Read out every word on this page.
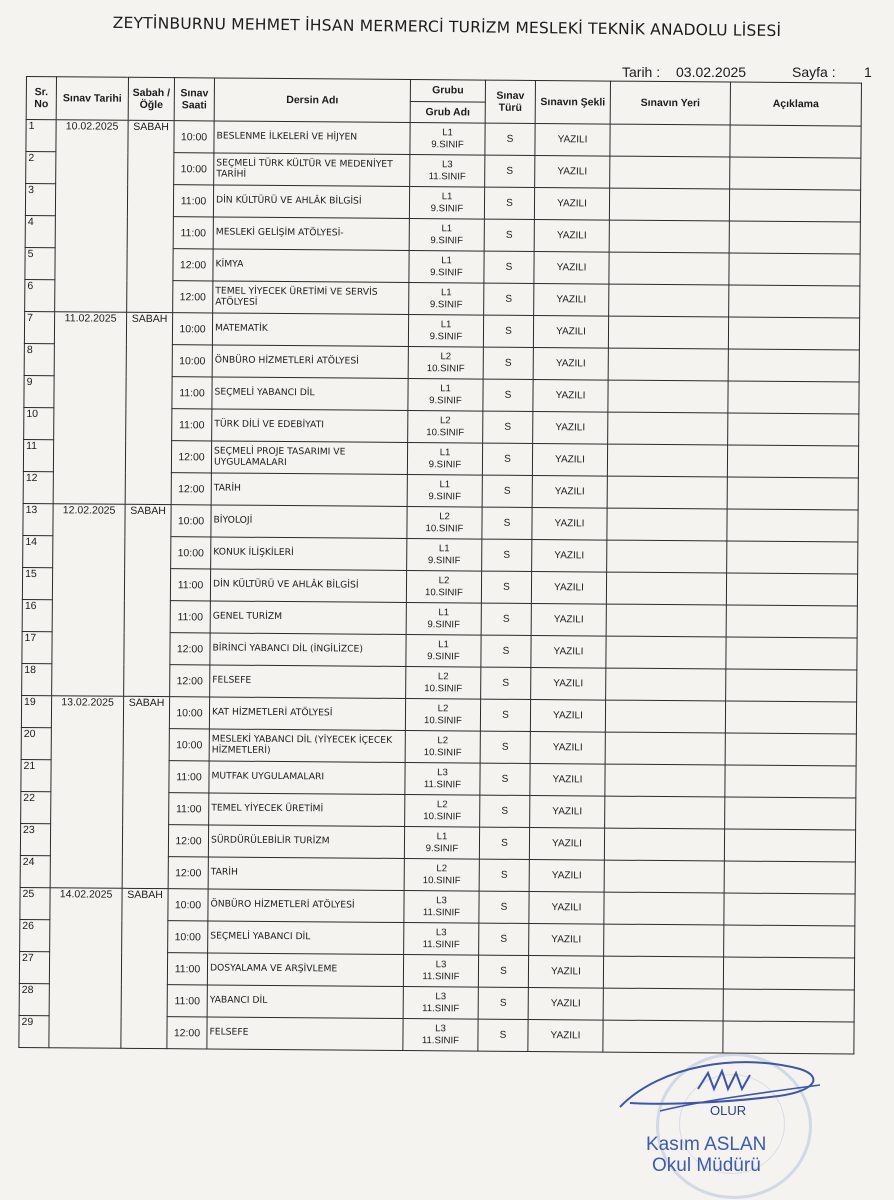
ZEYTİNBURNU MEHMET İHSAN MERMERCİ TURİZM MESLEKİ TEKNİK ANADOLU LİSESİ
Tarih : 03.02.2025	Sayfa : 1
Sr. No	Sınav Tarihi	Sabah / Öğle	Sınav Saati	Dersin Adı	Grubu	Sınav Türü	Sınavın Şekli	Sınavın Yeri	Açıklama
					Grub Adı				
1	10.02.2025	SABAH	10:00	BESLENME İLKELERİ VE HİJYEN	L1
9.SINIF	S	YAZILI		
2			10:00	SEÇMELİ TÜRK KÜLTÜR VE MEDENİYET TARİHİ	L3
11.SINIF	S	YAZILI		
3			11:00	DİN KÜLTÜRÜ VE AHLÂK BİLGİSİ	L1
9.SINIF	S	YAZILI		
4			11:00	MESLEKİ GELİŞİM ATÖLYESİ-	L1
9.SINIF	S	YAZILI		
5			12:00	KİMYA	L1
9.SINIF	S	YAZILI		
6			12:00	TEMEL YİYECEK ÜRETİMİ VE SERVİS ATÖLYESİ	L1
9.SINIF	S	YAZILI		
7	11.02.2025	SABAH	10:00	MATEMATİK	L1
9.SINIF	S	YAZILI		
8			10:00	ÖNBÜRO HİZMETLERİ ATÖLYESİ	L2
10.SINIF	S	YAZILI		
9			11:00	SEÇMELİ YABANCI DİL	L1
9.SINIF	S	YAZILI		
10			11:00	TÜRK DİLİ VE EDEBİYATI	L2
10.SINIF	S	YAZILI		
11			12:00	SEÇMELİ PROJE TASARIMI VE UYGULAMALARI	L1
9.SINIF	S	YAZILI		
12			12:00	TARİH	L1
9.SINIF	S	YAZILI		
13	12.02.2025	SABAH	10:00	BİYOLOJİ	L2
10.SINIF	S	YAZILI		
14			10:00	KONUK İLİŞKİLERİ	L1
9.SINIF	S	YAZILI		
15			11:00	DİN KÜLTÜRÜ VE AHLÂK BİLGİSİ	L2
10.SINIF	S	YAZILI		
16			11:00	GENEL TURİZM	L1
9.SINIF	S	YAZILI		
17			12:00	BİRİNCİ YABANCI DİL (İNGİLİZCE)	L1
9.SINIF	S	YAZILI		
18			12:00	FELSEFE	L2
10.SINIF	S	YAZILI		
19	13.02.2025	SABAH	10:00	KAT HİZMETLERİ ATÖLYESİ	L2
10.SINIF	S	YAZILI		
20			10:00	MESLEKİ YABANCI DİL (YİYECEK İÇECEK HİZMETLERİ)	L2
10.SINIF	S	YAZILI		
21			11:00	MUTFAK UYGULAMALARI	L3
11.SINIF	S	YAZILI		
22			11:00	TEMEL YİYECEK ÜRETİMİ	L2
10.SINIF	S	YAZILI		
23			12:00	SÜRDÜRÜLEBİLİR TURİZM	L1
9.SINIF	S	YAZILI		
24			12:00	TARİH	L2
10.SINIF	S	YAZILI		
25	14.02.2025	SABAH	10:00	ÖNBÜRO HİZMETLERİ ATÖLYESİ	L3
11.SINIF	S	YAZILI		
26			10:00	SEÇMELİ YABANCI DİL	L3
11.SINIF	S	YAZILI		
27			11:00	DOSYALAMA VE ARŞİVLEME	L3
11.SINIF	S	YAZILI		
28			11:00	YABANCI DİL	L3
11.SINIF	S	YAZILI		
29			12:00	FELSEFE	L3
11.SINIF	S	YAZILI		
OLUR
Kasım ASLAN
Okul Müdürü
